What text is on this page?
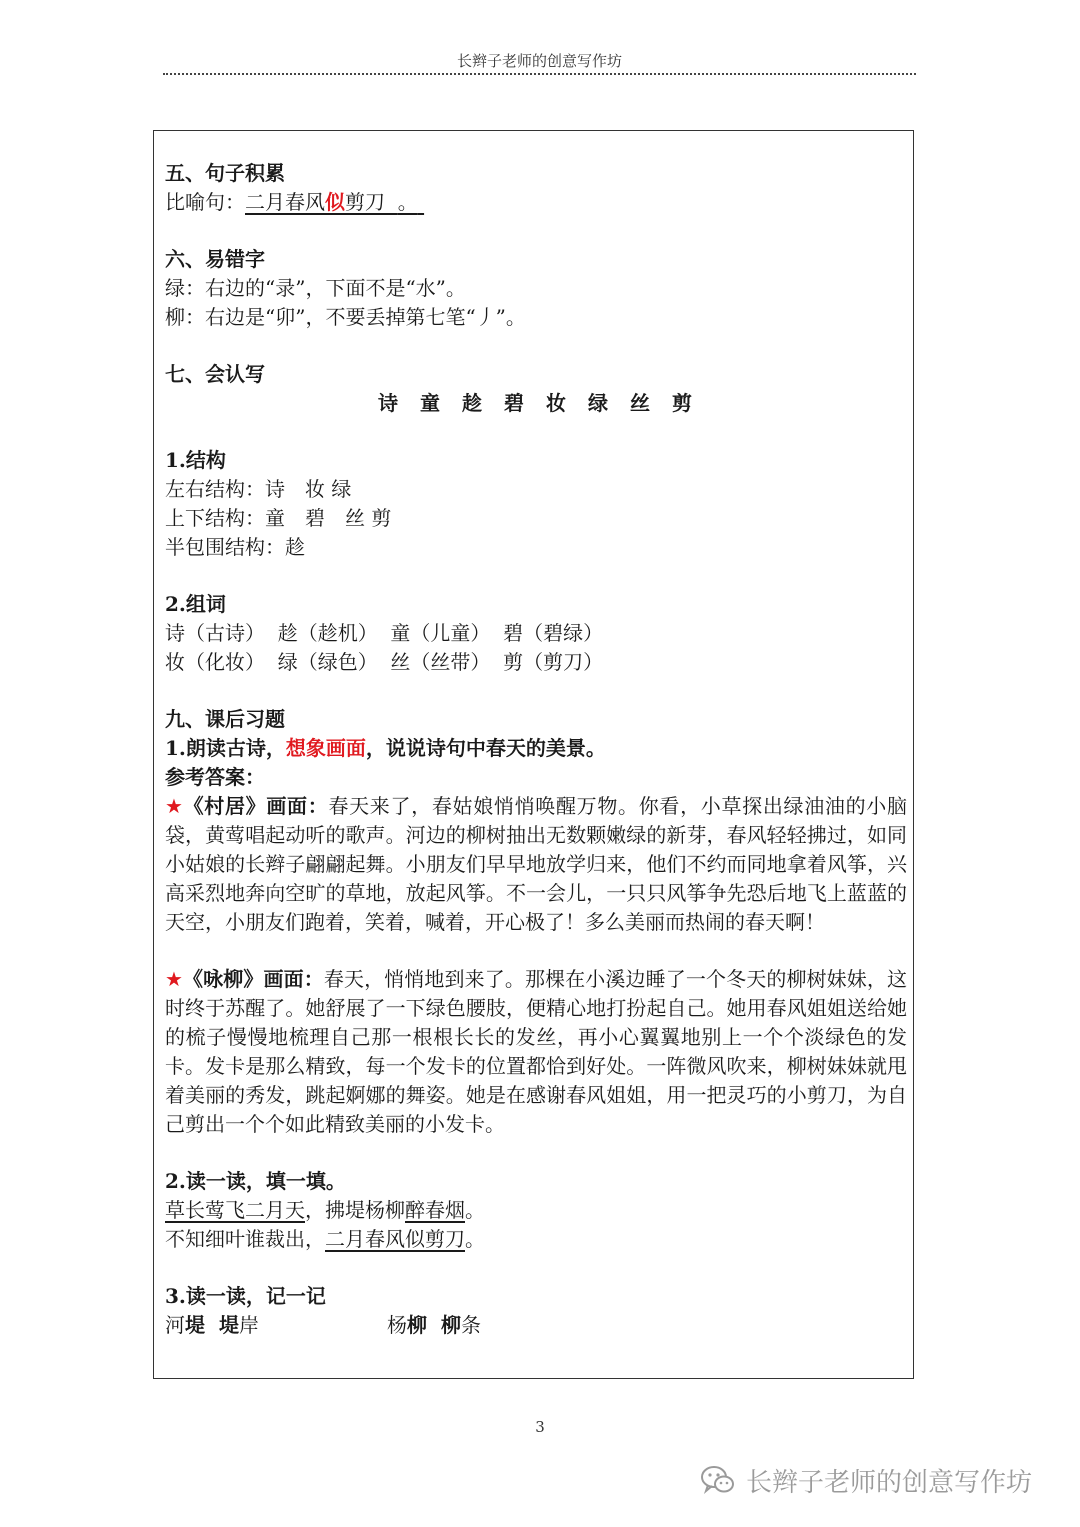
长辫子老师的创意写作坊

五、句子积累

比喻句：二月春风似剪刀 。

六、易错字

绿：右边的“录”，下面不是“水”。

柳：右边是“卯”，不要丢掉第七笔“丿”。

七、会认写

诗 童 趁 碧 妆 绿 丝 剪

1.结构

左右结构：诗　妆 绿

上下结构：童　碧　丝 剪

半包围结构：趁

2.组词

诗（古诗）  趁（趁机）  童（儿童）  碧（碧绿）

妆（化妆）  绿（绿色）  丝（丝带）  剪（剪刀）

九、课后习题

1.朗读古诗，想象画面，说说诗句中春天的美景。

参考答案：

★《村居》画面：春天来了，春姑娘悄悄唤醒万物。你看，小草探出绿油油的小脑袋，黄莺唱起动听的歌声。河边的柳树抽出无数颗嫩绿的新芽，春风轻轻拂过，如同小姑娘的长辫子翩翩起舞。小朋友们早早地放学归来，他们不约而同地拿着风筝，兴高采烈地奔向空旷的草地，放起风筝。不一会儿，一只只风筝争先恐后地飞上蓝蓝的天空，小朋友们跑着，笑着，喊着，开心极了！多么美丽而热闹的春天啊！

★《咏柳》画面：春天，悄悄地到来了。那棵在小溪边睡了一个冬天的柳树妹妹，这时终于苏醒了。她舒展了一下绿色腰肢，便精心地打扮起自己。她用春风姐姐送给她的梳子慢慢地梳理自己那一根根长长的发丝，再小心翼翼地别上一个个淡绿色的发卡。发卡是那么精致，每一个发卡的位置都恰到好处。一阵微风吹来，柳树妹妹就甩着美丽的秀发，跳起婀娜的舞姿。她是在感谢春风姐姐，用一把灵巧的小剪刀，为自己剪出一个个如此精致美丽的小发卡。

2.读一读，填一填。

草长莺飞二月天，拂堤杨柳醉春烟。

不知细叶谁裁出，二月春风似剪刀。

3.读一读，记一记

河堤 堤岸	杨柳 柳条

3
长辫子老师的创意写作坊
